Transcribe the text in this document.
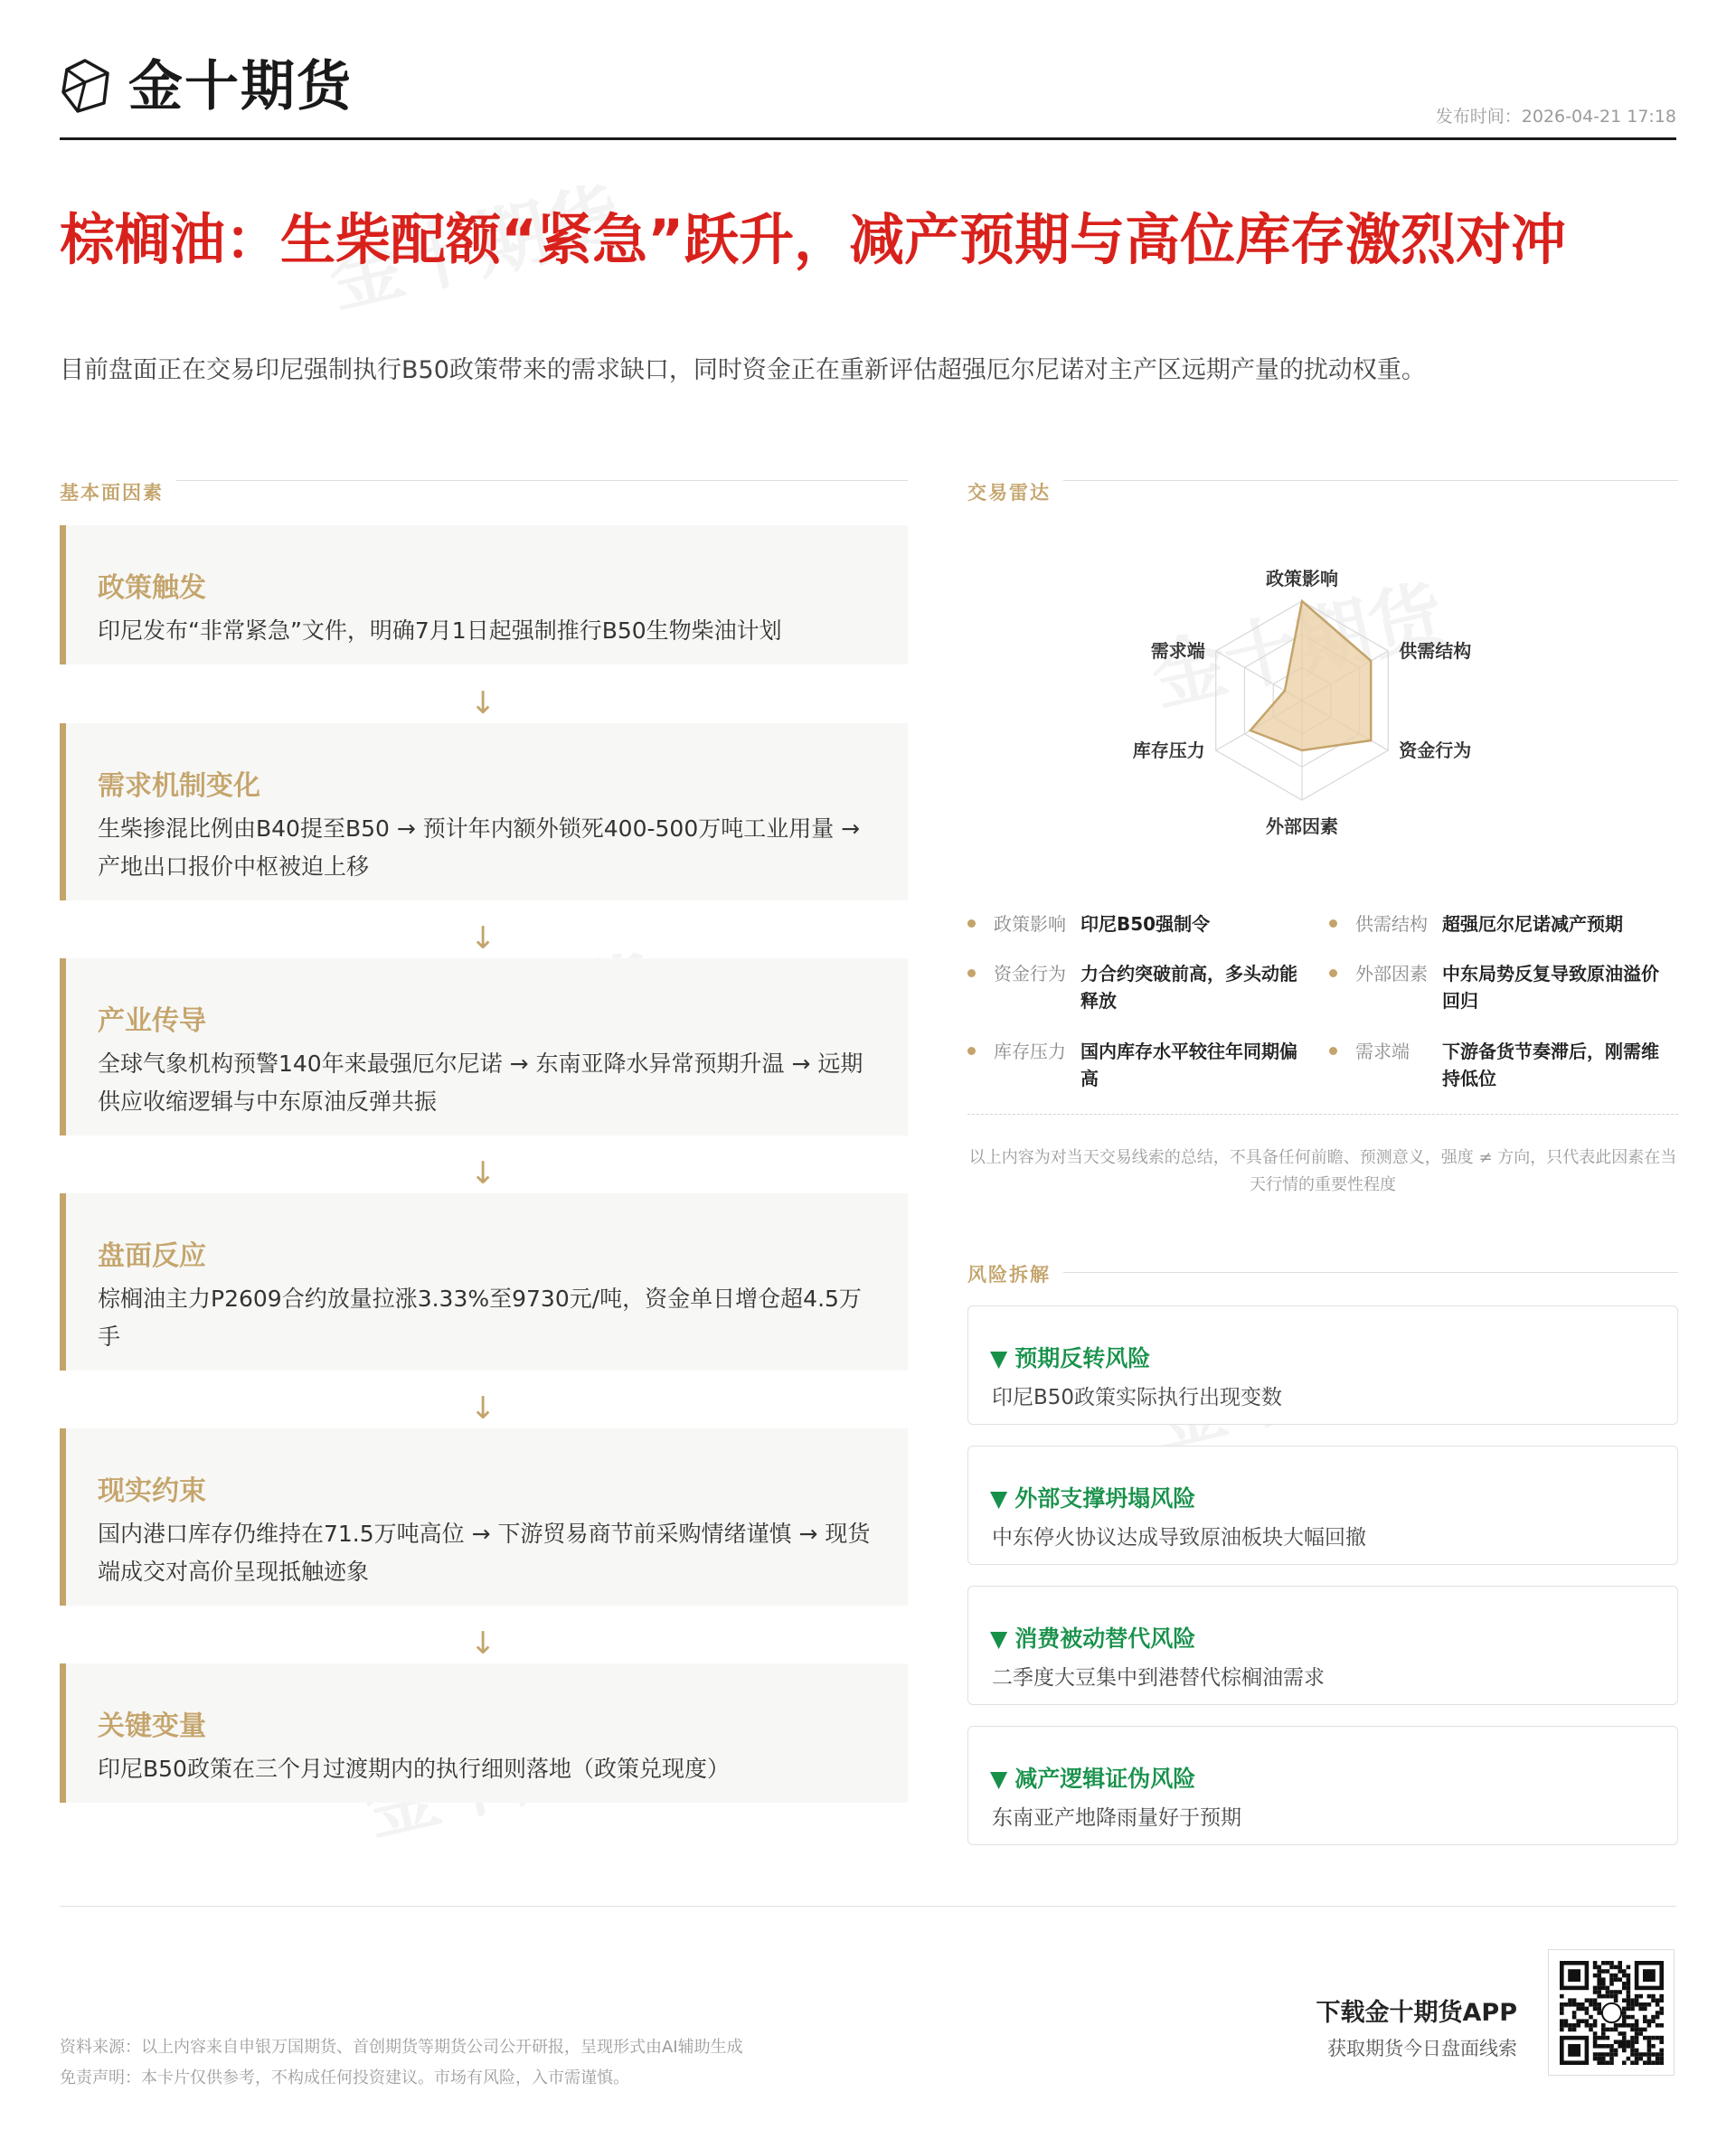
金十期货	发布时间：2026-04-21 17:18
棕榈油：生柴配额“紧急”跃升，减产预期与高位库存激烈对冲
目前盘面正在交易印尼强制执行B50政策带来的需求缺口，同时资金正在重新评估超强厄尔尼诺对主产区远期产量的扰动权重。
基本面因素
政策触发
印尼发布“非常紧急”文件，明确7月1日起强制推行B50生物柴油计划
↓
需求机制变化
生柴掺混比例由B40提至B50 → 预计年内额外锁死400-500万吨工业用量 → 产地出口报价中枢被迫上移
↓
产业传导
全球气象机构预警140年来最强厄尔尼诺 → 东南亚降水异常预期升温 → 远期供应收缩逻辑与中东原油反弹共振
↓
盘面反应
棕榈油主力P2609合约放量拉涨3.33%至9730元/吨，资金单日增仓超4.5万手
↓
现实约束
国内港口库存仍维持在71.5万吨高位 → 下游贸易商节前采购情绪谨慎 → 现货端成交对高价呈现抵触迹象
↓
关键变量
印尼B50政策在三个月过渡期内的执行细则落地（政策兑现度）
交易雷达
政策影响
供需结构
资金行为
外部因素
库存压力
需求端
政策影响 印尼B50强制令	供需结构 超强厄尔尼诺减产预期
资金行为 力合约突破前高，多头动能释放
外部因素 中东局势反复导致原油溢价回归
库存压力 国内库存水平较往年同期偏高
需求端 下游备货节奏滞后，刚需维持低位
以上内容为对当天交易线索的总结，不具备任何前瞻、预测意义，强度 ≠ 方向，只代表此因素在当天行情的重要性程度
风险拆解
▼ 预期反转风险
印尼B50政策实际执行出现变数
▼ 外部支撑坍塌风险
中东停火协议达成导致原油板块大幅回撤
▼ 消费被动替代风险
二季度大豆集中到港替代棕榈油需求
▼ 减产逻辑证伪风险
东南亚产地降雨量好于预期
资料来源：以上内容来自申银万国期货、首创期货等期货公司公开研报，呈现形式由AI辅助生成
免责声明：本卡片仅供参考，不构成任何投资建议。市场有风险，入市需谨慎。
下载金十期货APP
获取期货今日盘面线索
